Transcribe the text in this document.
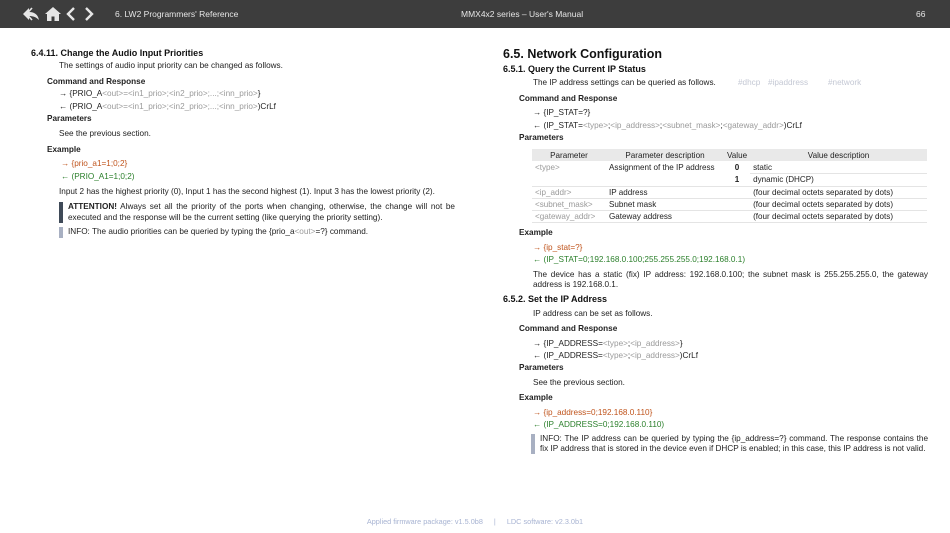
6. LW2 Programmers' Reference	MMX4x2 series – User's Manual	66
6.4.11. Change the Audio Input Priorities
The settings of audio input priority can be changed as follows.
Command and Response
→ {PRIO_A<out>=<in1_prio>;<in2_prio>;...;<inn_prio>}
← (PRIO_A<out>=<in1_prio>;<in2_prio>;...;<inn_prio>)CrLf
Parameters
See the previous section.
Example
→ {prio_a1=1;0;2}
← (PRIO_A1=1;0;2)
Input 2 has the highest priority (0), Input 1 has the second highest (1). Input 3 has the lowest priority (2).
ATTENTION! Always set all the priority of the ports when changing, otherwise, the change will not be executed and the response will be the current setting (like querying the priority setting).
INFO: The audio priorities can be queried by typing the {prio_a<out>=?} command.
6.5. Network Configuration
6.5.1. Query the Current IP Status
The IP address settings can be queried as follows.	#dhcp #ipaddress #network
Command and Response
→ {IP_STAT=?}
← (IP_STAT=<type>;<ip_address>;<subnet_mask>;<gateway_addr>)CrLf
Parameters
Parameter	Parameter description	Value	Value description
<type>	Assignment of the IP address	0	static
		1	dynamic (DHCP)
<ip_addr>	IP address		(four decimal octets separated by dots)
<subnet_mask>	Subnet mask		(four decimal octets separated by dots)
<gateway_addr>	Gateway address		(four decimal octets separated by dots)
Example
→ {ip_stat=?}
← (IP_STAT=0;192.168.0.100;255.255.255.0;192.168.0.1)
The device has a static (fix) IP address: 192.168.0.100; the subnet mask is 255.255.255.0, the gateway address is 192.168.0.1.
6.5.2. Set the IP Address
IP address can be set as follows.
Command and Response
→ {IP_ADDRESS=<type>;<ip_address>}
← (IP_ADDRESS=<type>;<ip_address>)CrLf
Parameters
See the previous section.
Example
→ {ip_address=0;192.168.0.110}
← (IP_ADDRESS=0;192.168.0.110)
INFO: The IP address can be queried by typing the {ip_address=?} command. The response contains the fix IP address that is stored in the device even if DHCP is enabled; in this case, this IP address is not valid.
Applied firmware package: v1.5.0b8 | LDC software: v2.3.0b1
